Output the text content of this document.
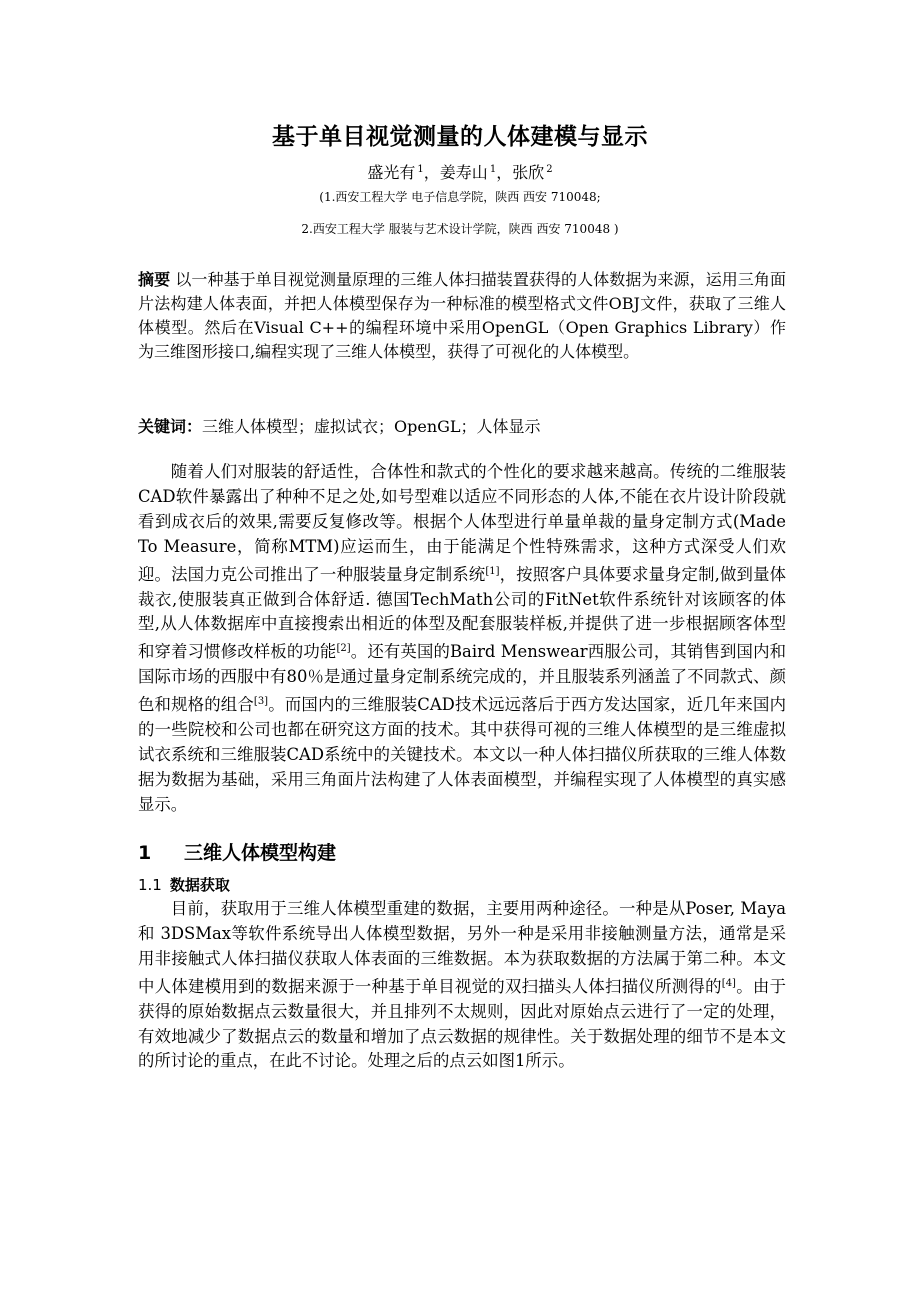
基于单目视觉测量的人体建模与显示
盛光有 $^1$，姜寿山 $^1$，张欣 $^2$
(1.西安工程大学 电子信息学院，陕西 西安 710048;
2.西安工程大学 服装与艺术设计学院，陕西 西安 710048 )
摘要 以一种基于单目视觉测量原理的三维人体扫描装置获得的人体数据为来源，运用三角面片法构建人体表面，并把人体模型保存为一种标准的模型格式文件OBJ文件，获取了三维人体模型。然后在Visual C++的编程环境中采用OpenGL（Open Graphics Library）作为三维图形接口,编程实现了三维人体模型，获得了可视化的人体模型。
关键词：三维人体模型；虚拟试衣；OpenGL；人体显示
随着人们对服装的舒适性，合体性和款式的个性化的要求越来越高。传统的二维服装CAD软件暴露出了种种不足之处,如号型难以适应不同形态的人体,不能在衣片设计阶段就看到成衣后的效果,需要反复修改等。根据个人体型进行单量单裁的量身定制方式(Made To Measure，简称MTM)应运而生，由于能满足个性特殊需求，这种方式深受人们欢迎。法国力克公司推出了一种服装量身定制系统[1]，按照客户具体要求量身定制,做到量体裁衣,使服装真正做到合体舒适. 德国TechMath公司的FitNet软件系统针对该顾客的体型,从人体数据库中直接搜索出相近的体型及配套服装样板,并提供了进一步根据顾客体型和穿着习惯修改样板的功能[2]。还有英国的Baird Menswear西服公司，其销售到国内和国际市场的西服中有80％是通过量身定制系统完成的，并且服装系列涵盖了不同款式、颜色和规格的组合[3]。而国内的三维服装CAD技术远远落后于西方发达国家，近几年来国内的一些院校和公司也都在研究这方面的技术。其中获得可视的三维人体模型的是三维虚拟试衣系统和三维服装CAD系统中的关键技术。本文以一种人体扫描仪所获取的三维人体数据为数据为基础，采用三角面片法构建了人体表面模型，并编程实现了人体模型的真实感显示。
1 三维人体模型构建
1.1 数据获取
目前，获取用于三维人体模型重建的数据，主要用两种途径。一种是从Poser, Maya 和 3DSMax等软件系统导出人体模型数据，另外一种是采用非接触测量方法，通常是采用非接触式人体扫描仪获取人体表面的三维数据。本为获取数据的方法属于第二种。本文中人体建模用到的数据来源于一种基于单目视觉的双扫描头人体扫描仪所测得的[4]。由于获得的原始数据点云数量很大，并且排列不太规则，因此对原始点云进行了一定的处理，有效地减少了数据点云的数量和增加了点云数据的规律性。关于数据处理的细节不是本文的所讨论的重点，在此不讨论。处理之后的点云如图1所示。
